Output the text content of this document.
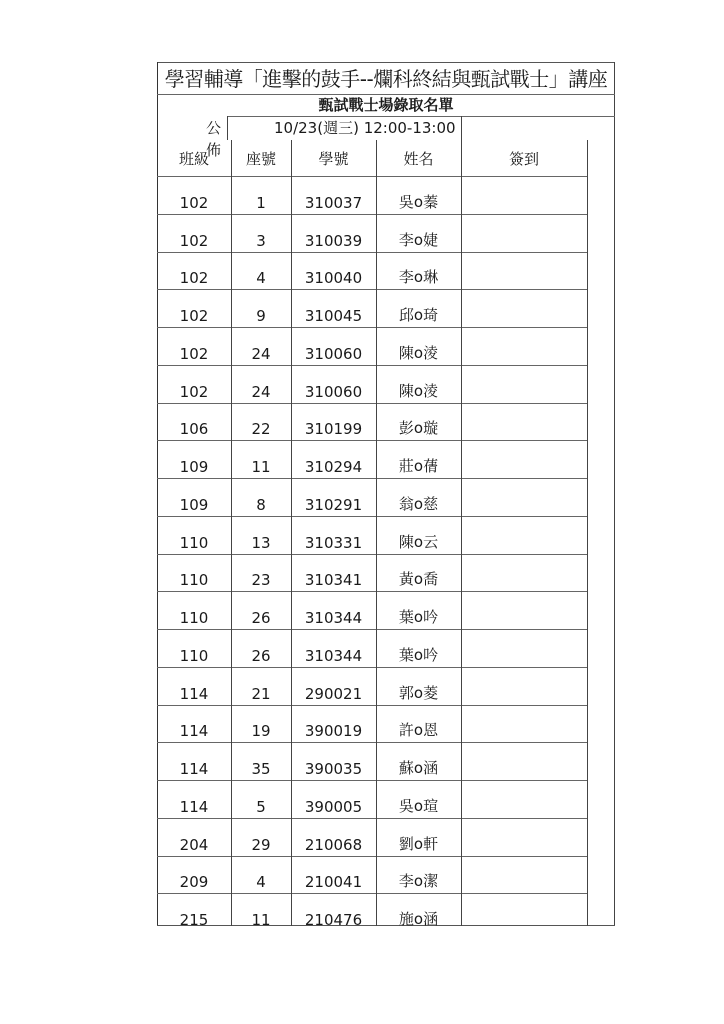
學習輔導「進擊的鼓手--爛科終結與甄試戰士」講座
甄試戰士場錄取名單
公佈
10/23(週三) 12:00-13:00
班級	座號	學號	姓名	簽到
102	1	310037	吳o蓁
102	3	310039	李o婕
102	4	310040	李o琳
102	9	310045	邱o琦
102	24	310060	陳o淩
102	24	310060	陳o淩
106	22	310199	彭o璇
109	11	310294	莊o蒨
109	8	310291	翁o慈
110	13	310331	陳o云
110	23	310341	黃o喬
110	26	310344	葉o吟
110	26	310344	葉o吟
114	21	290021	郭o菱
114	19	390019	許o恩
114	35	390035	蘇o涵
114	5	390005	吳o瑄
204	29	210068	劉o軒
209	4	210041	李o潔
215	11	210476	施o涵
